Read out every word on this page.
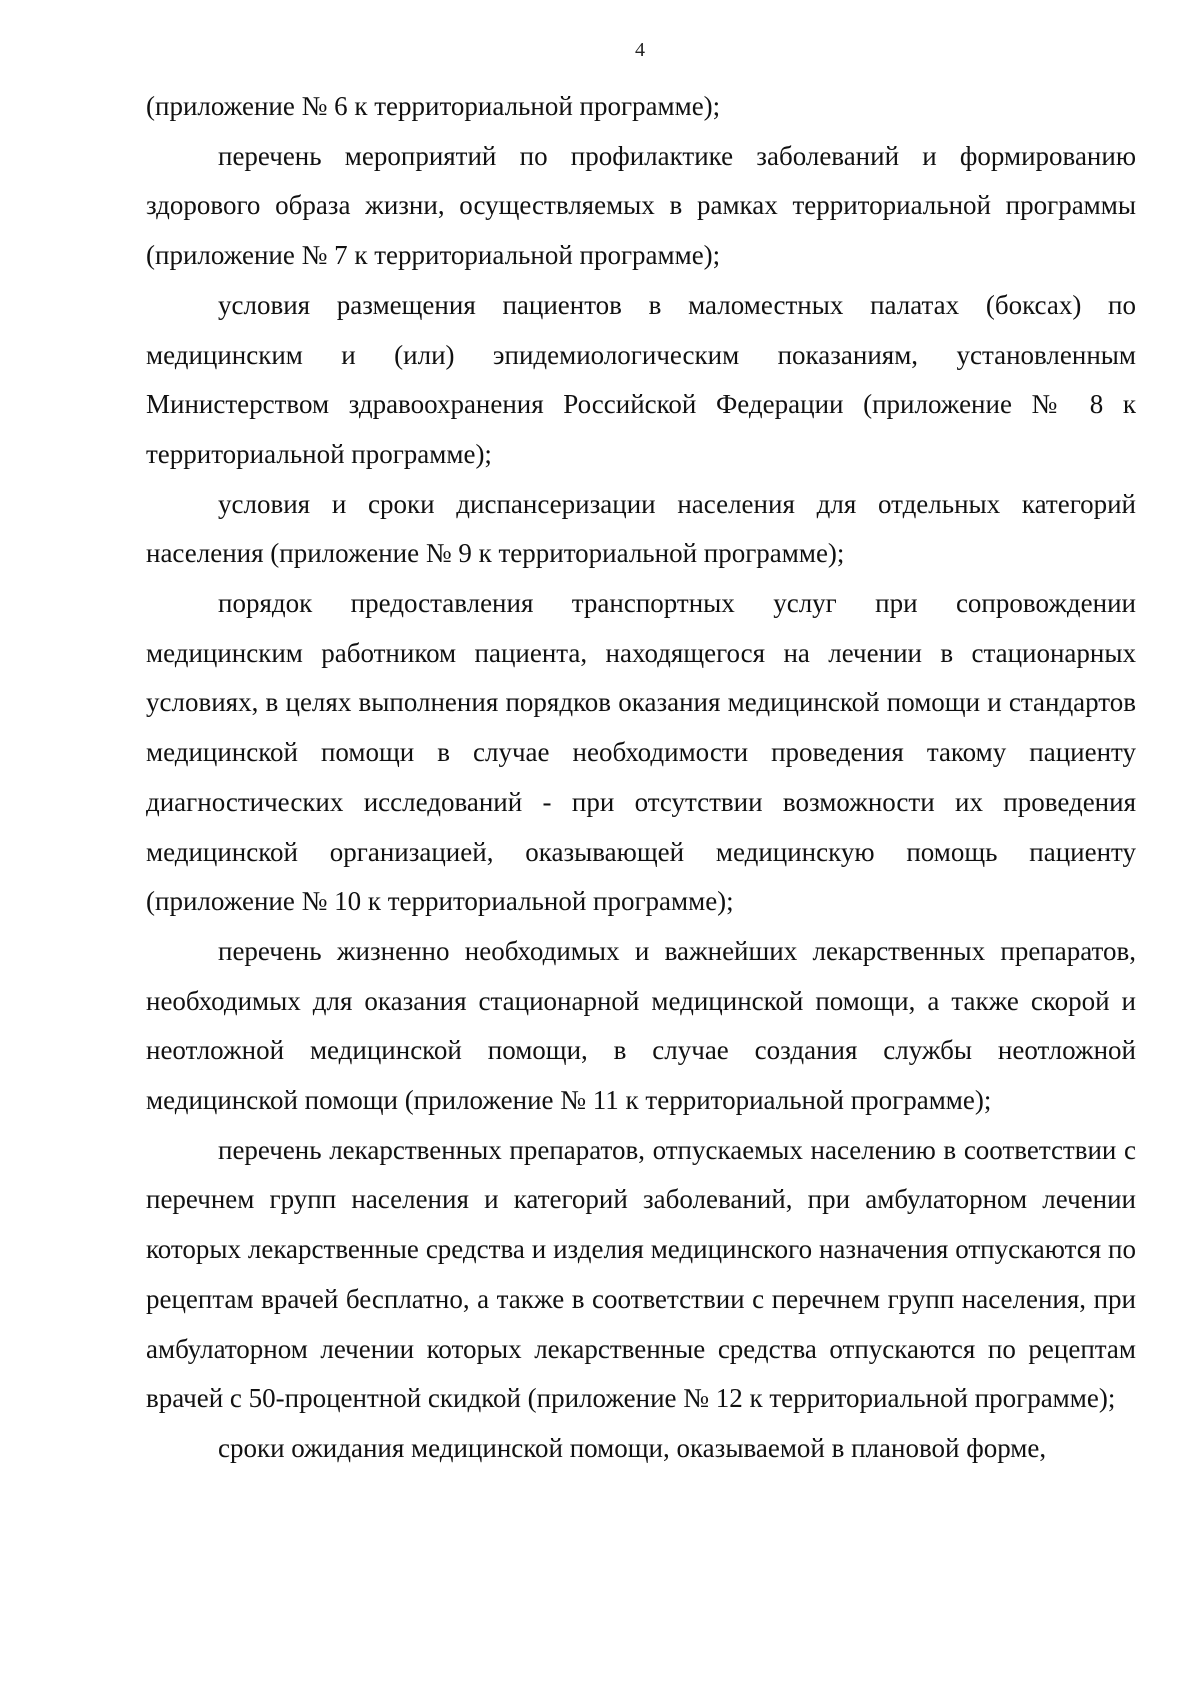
4

(приложение № 6 к территориальной программе);

перечень мероприятий по профилактике заболеваний и формированию здорового образа жизни, осуществляемых в рамках территориальной программы (приложение № 7 к территориальной программе);

условия размещения пациентов в маломестных палатах (боксах) по медицинским и (или) эпидемиологическим показаниям, установленным Министерством здравоохранения Российской Федерации (приложение № 8 к территориальной программе);

условия и сроки диспансеризации населения для отдельных категорий населения (приложение № 9 к территориальной программе);

порядок предоставления транспортных услуг при сопровождении медицинским работником пациента, находящегося на лечении в стационарных условиях, в целях выполнения порядков оказания медицинской помощи и стандартов медицинской помощи в случае необходимости проведения такому пациенту диагностических исследований - при отсутствии возможности их проведения медицинской организацией, оказывающей медицинскую помощь пациенту (приложение № 10 к территориальной программе);

перечень жизненно необходимых и важнейших лекарственных препаратов, необходимых для оказания стационарной медицинской помощи, а также скорой и неотложной медицинской помощи, в случае создания службы неотложной медицинской помощи (приложение № 11 к территориальной программе);

перечень лекарственных препаратов, отпускаемых населению в соответствии с перечнем групп населения и категорий заболеваний, при амбулаторном лечении которых лекарственные средства и изделия медицинского назначения отпускаются по рецептам врачей бесплатно, а также в соответствии с перечнем групп населения, при амбулаторном лечении которых лекарственные средства отпускаются по рецептам врачей с 50-процентной скидкой (приложение № 12 к территориальной программе);

сроки ожидания медицинской помощи, оказываемой в плановой форме,
